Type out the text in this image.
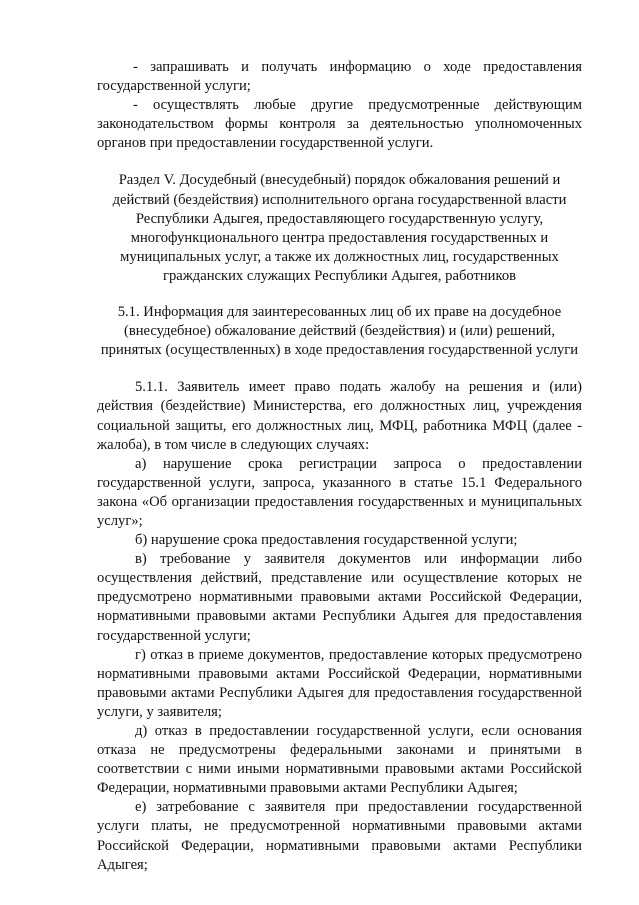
- запрашивать и получать информацию о ходе предоставления государственной услуги;

- осуществлять любые другие предусмотренные действующим законодательством формы контроля за деятельностью уполномоченных органов при предоставлении государственной услуги.

Раздел V. Досудебный (внесудебный) порядок обжалования решений и действий (бездействия) исполнительного органа государственной власти Республики Адыгея, предоставляющего государственную услугу, многофункционального центра предоставления государственных и муниципальных услуг, а также их должностных лиц, государственных гражданских служащих Республики Адыгея, работников

5.1. Информация для заинтересованных лиц об их праве на досудебное (внесудебное) обжалование действий (бездействия) и (или) решений, принятых (осуществленных) в ходе предоставления государственной услуги

5.1.1. Заявитель имеет право подать жалобу на решения и (или) действия (бездействие) Министерства, его должностных лиц, учреждения социальной защиты, его должностных лиц, МФЦ, работника МФЦ (далее - жалоба), в том числе в следующих случаях:

а) нарушение срока регистрации запроса о предоставлении государственной услуги, запроса, указанного в статье 15.1 Федерального закона «Об организации предоставления государственных и муниципальных услуг»;

б) нарушение срока предоставления государственной услуги;

в) требование у заявителя документов или информации либо осуществления действий, представление или осуществление которых не предусмотрено нормативными правовыми актами Российской Федерации, нормативными правовыми актами Республики Адыгея для предоставления государственной услуги;

г) отказ в приеме документов, предоставление которых предусмотрено нормативными правовыми актами Российской Федерации, нормативными правовыми актами Республики Адыгея для предоставления государственной услуги, у заявителя;

д) отказ в предоставлении государственной услуги, если основания отказа не предусмотрены федеральными законами и принятыми в соответствии с ними иными нормативными правовыми актами Российской Федерации, нормативными правовыми актами Республики Адыгея;

е) затребование с заявителя при предоставлении государственной услуги платы, не предусмотренной нормативными правовыми актами Российской Федерации, нормативными правовыми актами Республики Адыгея;
